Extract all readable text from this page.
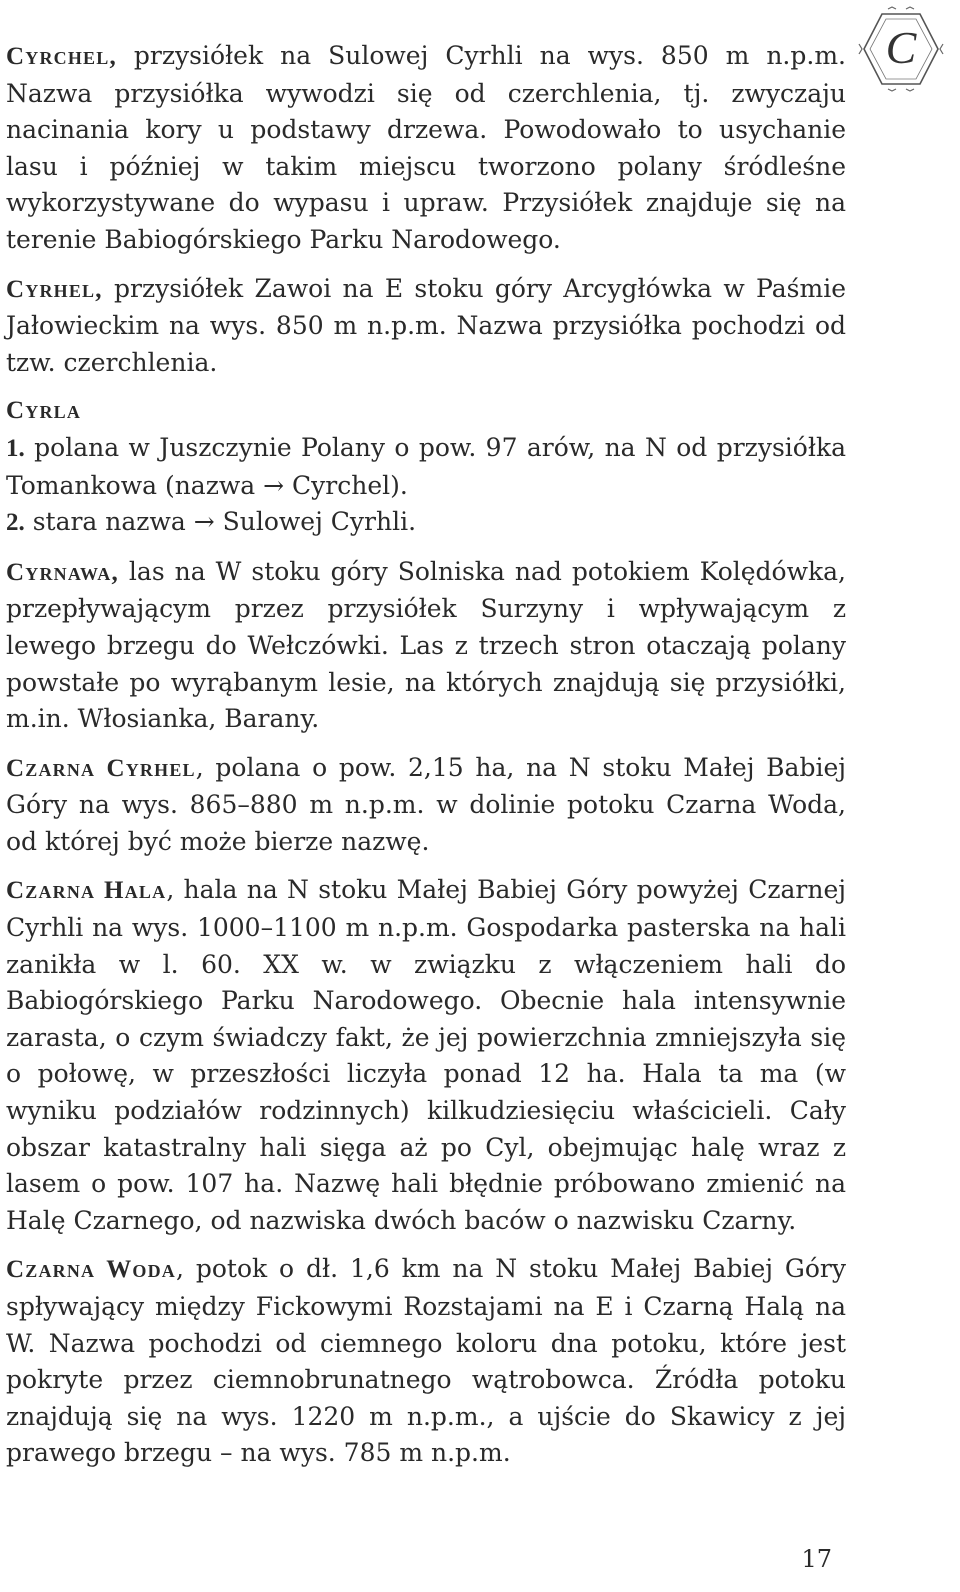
C

Cyrchel, przysiółek na Sulowej Cyrhli na wys. 850 m n.p.m. Nazwa przysiółka wywodzi się od czerchlenia, tj. zwyczaju nacinania kory u podstawy drzewa. Powodowało to usychanie lasu i później w takim miejscu tworzono polany śródleśne wykorzystywane do wypasu i upraw. Przysiółek znajduje się na terenie Babiogórskiego Parku Narodowego.

Cyrhel, przysiółek Zawoi na E stoku góry Arcygłówka w Paśmie Jałowieckim na wys. 850 m n.p.m. Nazwa przysiółka pochodzi od tzw. czerchlenia.

Cyrla

1. polana w Juszczynie Polany o pow. 97 arów, na N od przysiółka Tomankowa (nazwa → Cyrchel).

2. stara nazwa → Sulowej Cyrhli.

Cyrnawa, las na W stoku góry Solniska nad potokiem Kolędówka, przepływającym przez przysiółek Surzyny i wpływającym z lewego brzegu do Wełczówki. Las z trzech stron otaczają polany powstałe po wyrąbanym lesie, na których znajdują się przysiółki, m.in. Włosianka, Barany.

Czarna Cyrhel, polana o pow. 2,15 ha, na N stoku Małej Babiej Góry na wys. 865–880 m n.p.m. w dolinie potoku Czarna Woda, od której być może bierze nazwę.

Czarna Hala, hala na N stoku Małej Babiej Góry powyżej Czarnej Cyrhli na wys. 1000–1100 m n.p.m. Gospodarka pasterska na hali zanikła w l. 60. XX w. w związku z włączeniem hali do Babiogórskiego Parku Narodowego. Obecnie hala intensywnie zarasta, o czym świadczy fakt, że jej powierzchnia zmniejszyła się o połowę, w przeszłości liczyła ponad 12 ha. Hala ta ma (w wyniku podziałów rodzinnych) kilkudziesięciu właścicieli. Cały obszar katastralny hali sięga aż po Cyl, obejmując halę wraz z lasem o pow. 107 ha. Nazwę hali błędnie próbowano zmienić na Halę Czarnego, od nazwiska dwóch baców o nazwisku Czarny.

Czarna Woda, potok o dł. 1,6 km na N stoku Małej Babiej Góry spływający między Fickowymi Rozstajami na E i Czarną Halą na W. Nazwa pochodzi od ciemnego koloru dna potoku, które jest pokryte przez ciemnobrunatnego wątrobowca. Źródła potoku znajdują się na wys. 1220 m n.p.m., a ujście do Skawicy z jej prawego brzegu – na wys. 785 m n.p.m.

17
